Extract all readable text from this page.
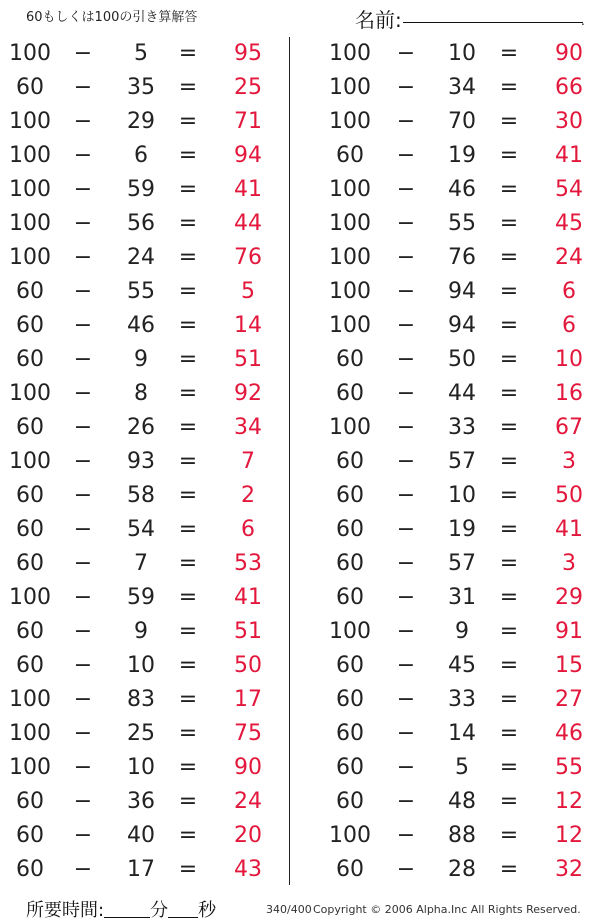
60もしくは100の引き算解答	名前:	.
100	−	5	=	95
60	−	35	=	25
100	−	29	=	71
100	−	6	=	94
100	−	59	=	41
100	−	56	=	44
100	−	24	=	76
60	−	55	=	5
60	−	46	=	14
60	−	9	=	51
100	−	8	=	92
60	−	26	=	34
100	−	93	=	7
60	−	58	=	2
60	−	54	=	6
60	−	7	=	53
100	−	59	=	41
60	−	9	=	51
60	−	10	=	50
100	−	83	=	17
100	−	25	=	75
100	−	10	=	90
60	−	36	=	24
60	−	40	=	20
60	−	17	=	43
100	−	10	=	90
100	−	34	=	66
100	−	70	=	30
60	−	19	=	41
100	−	46	=	54
100	−	55	=	45
100	−	76	=	24
100	−	94	=	6
100	−	94	=	6
60	−	50	=	10
60	−	44	=	16
100	−	33	=	67
60	−	57	=	3
60	−	10	=	50
60	−	19	=	41
60	−	57	=	3
60	−	31	=	29
100	−	9	=	91
60	−	45	=	15
60	−	33	=	27
60	−	14	=	46
60	−	5	=	55
60	−	48	=	12
100	−	88	=	12
60	−	28	=	32
所要時間:	分 秒	340/400 Copyright © 2006 Alpha.Inc All Rights Reserved.
